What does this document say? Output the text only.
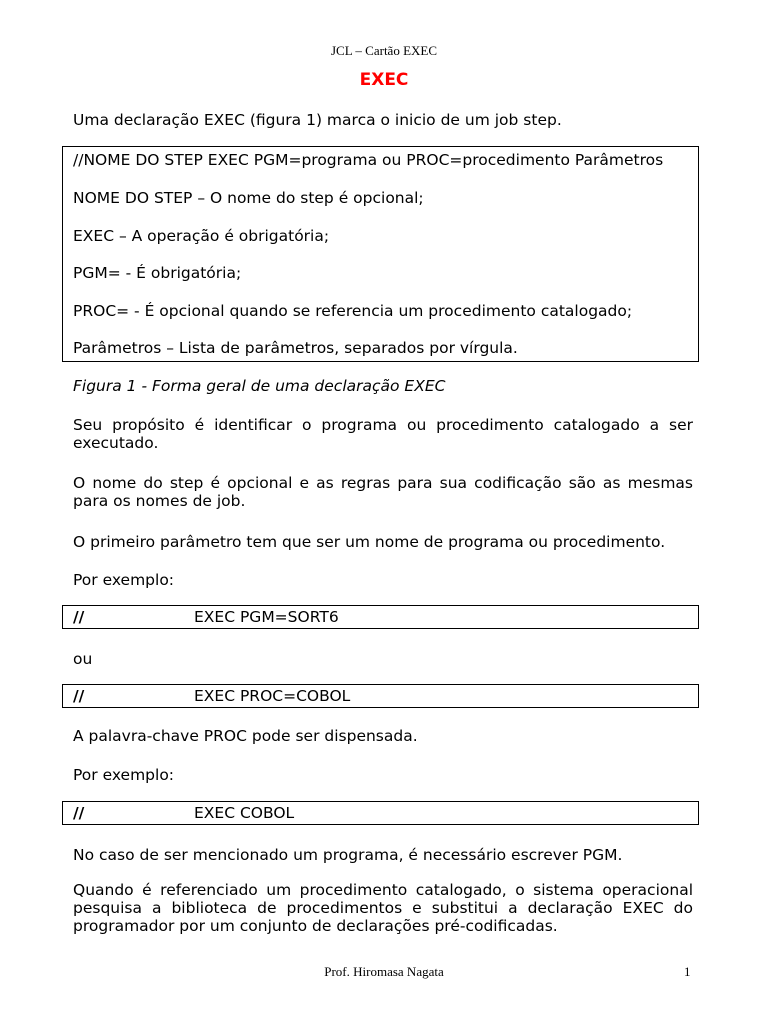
JCL – Cartão EXEC
EXEC
Uma declaração EXEC (figura 1) marca o inicio de um job step.
//NOME DO STEP EXEC PGM=programa ou PROC=procedimento Parâmetros
NOME DO STEP – O nome do step é opcional;
EXEC – A operação é obrigatória;
PGM= - É obrigatória;
PROC= - É opcional quando se referencia um procedimento catalogado;
Parâmetros – Lista de parâmetros, separados por vírgula.
Figura 1 - Forma geral de uma declaração EXEC
Seu propósito é identificar o programa ou procedimento catalogado a ser executado.
O nome do step é opcional e as regras para sua codificação são as mesmas para os nomes de job.
O primeiro parâmetro tem que ser um nome de programa ou procedimento.
Por exemplo:
//	EXEC PGM=SORT6
ou
//	EXEC PROC=COBOL
A palavra-chave PROC pode ser dispensada.
Por exemplo:
//	EXEC COBOL
No caso de ser mencionado um programa, é necessário escrever PGM.
Quando é referenciado um procedimento catalogado, o sistema operacional pesquisa a biblioteca de procedimentos e substitui a declaração EXEC do programador por um conjunto de declarações pré-codificadas.
Prof. Hiromasa Nagata	1
